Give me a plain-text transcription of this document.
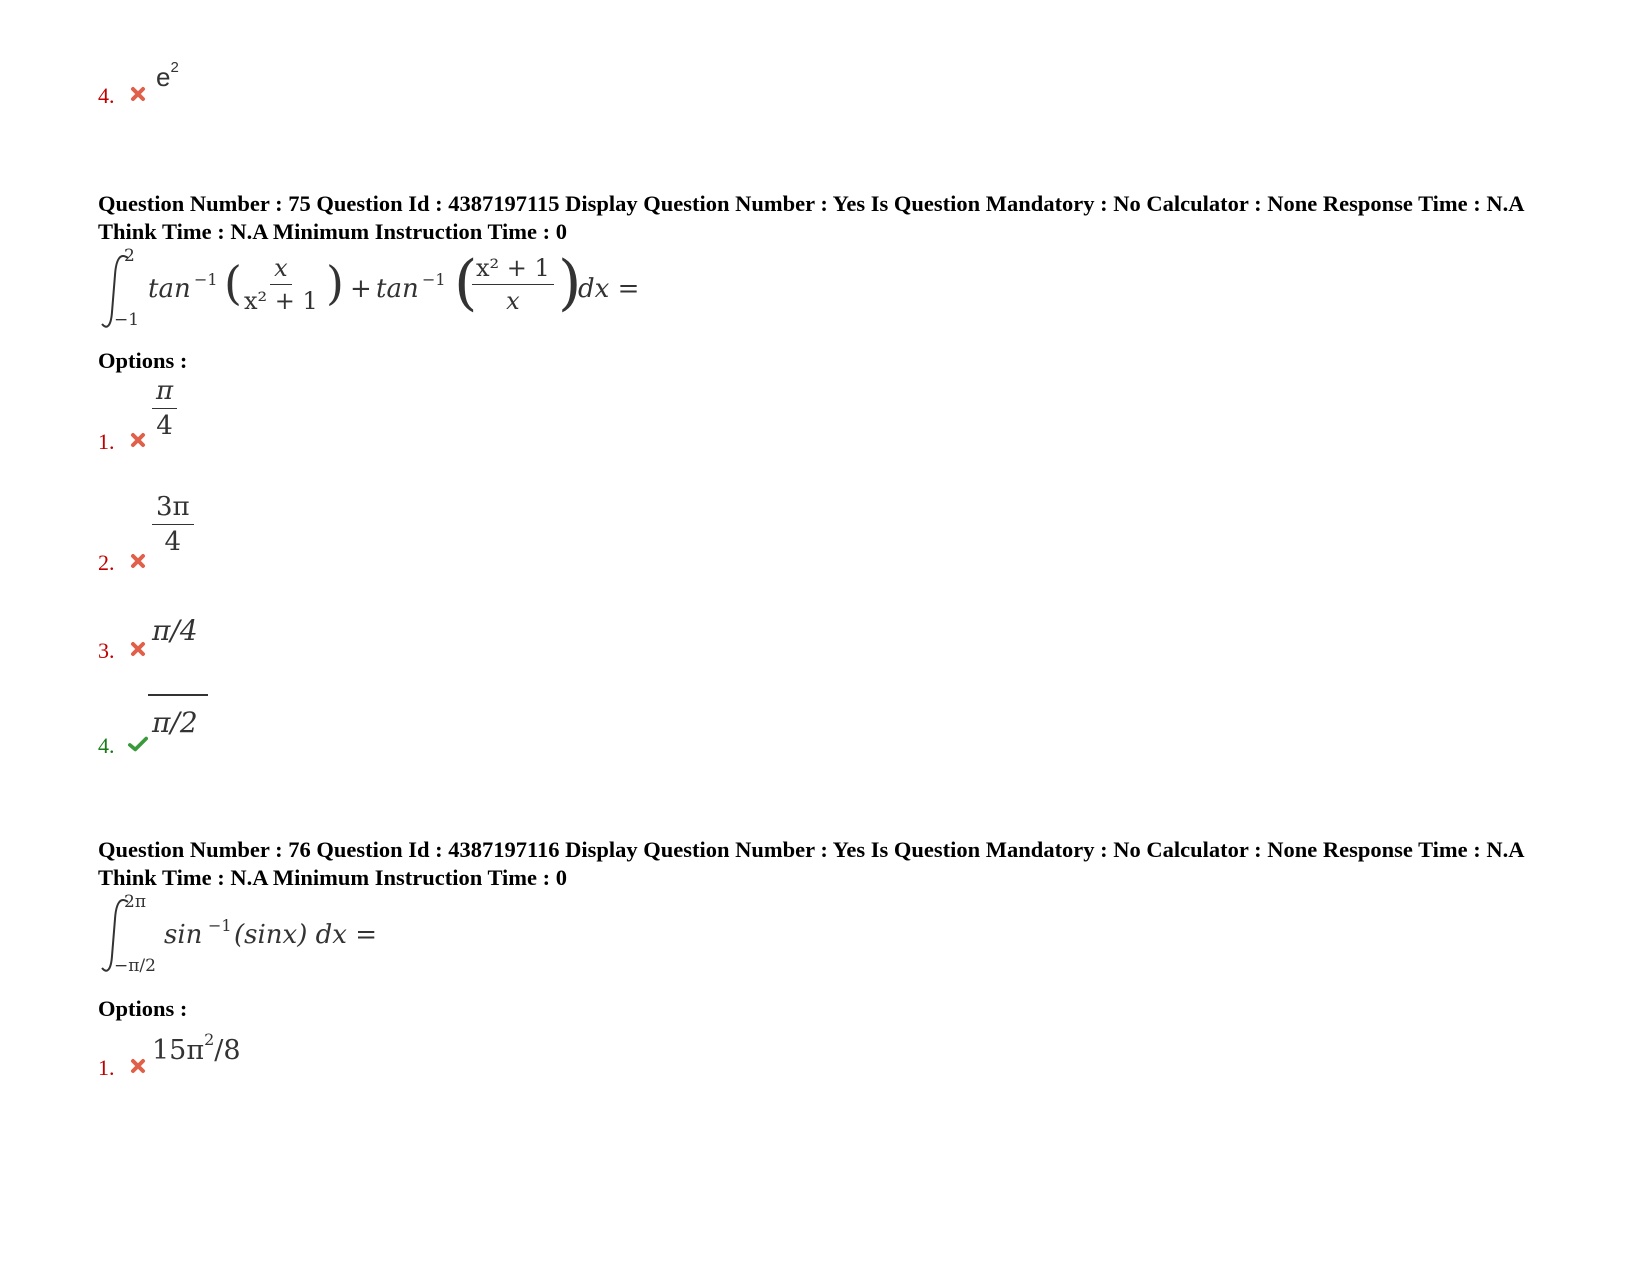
4.
$e^2$
Question Number : 75 Question Id : 4387197115 Display Question Number : Yes Is Question Mandatory : No Calculator : None Response Time : N.A Think Time : N.A Minimum Instruction Time : 0
2
−1
tan −1 (
$\frac{x}{\text{x² + 1}}$ ) + tan −1 (
$\frac{\text{x² + 1}}{x}$ )
dx =
Options :
1.
$\frac{\pi}{4}$
2.
$\frac{3\pi}{4}$
3.
π/4
4.
π/2
Question Number : 76 Question Id : 4387197116 Display Question Number : Yes Is Question Mandatory : No Calculator : None Response Time : N.A Think Time : N.A Minimum Instruction Time : 0
2π
−π/2
sin −1 (sinx) dx =
Options :
1.
$15\pi^2/8$
